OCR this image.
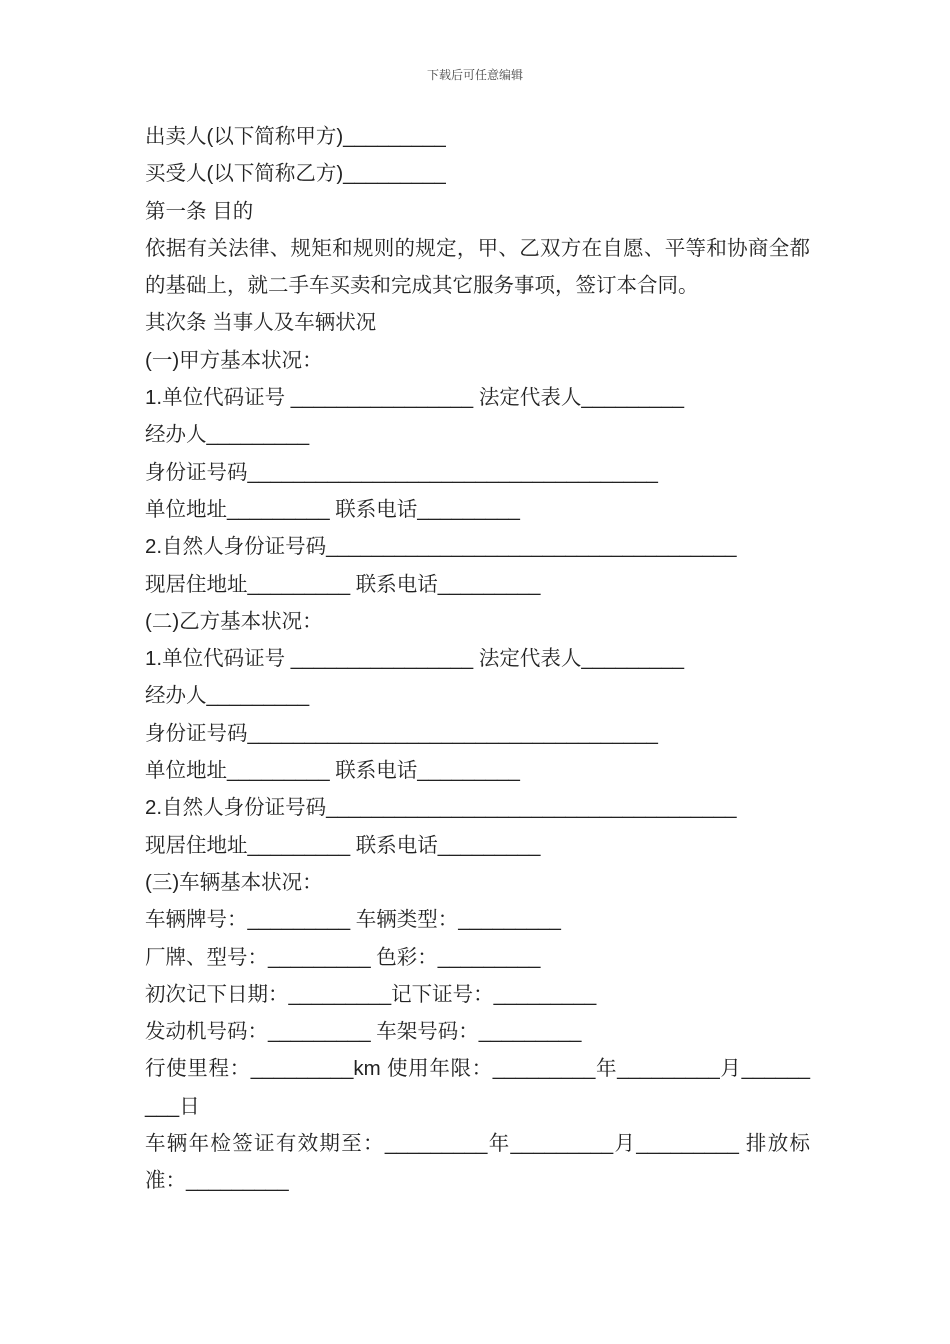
下载后可任意编辑
出卖人(以下简称甲方)_________
买受人(以下简称乙方)_________
第一条 目的
依据有关法律、规矩和规则的规定，甲、乙双方在自愿、平等和协商全都的基础上，就二手车买卖和完成其它服务事项，签订本合同。
其次条 当事人及车辆状况
(一)甲方基本状况：
1.单位代码证号 ________________ 法定代表人_________
经办人_________
身份证号码____________________________________
单位地址_________ 联系电话_________
2.自然人身份证号码____________________________________
现居住地址_________ 联系电话_________
(二)乙方基本状况：
1.单位代码证号 ________________ 法定代表人_________
经办人_________
身份证号码____________________________________
单位地址_________ 联系电话_________
2.自然人身份证号码____________________________________
现居住地址_________ 联系电话_________
(三)车辆基本状况：
车辆牌号：_________ 车辆类型：_________
厂牌、型号：_________ 色彩：_________
初次记下日期：_________记下证号：_________
发动机号码：_________ 车架号码：_________
行使里程：_________km 使用年限：_________年_________月_________日
车辆年检签证有效期至：_________年_________月_________ 排放标准：_________
